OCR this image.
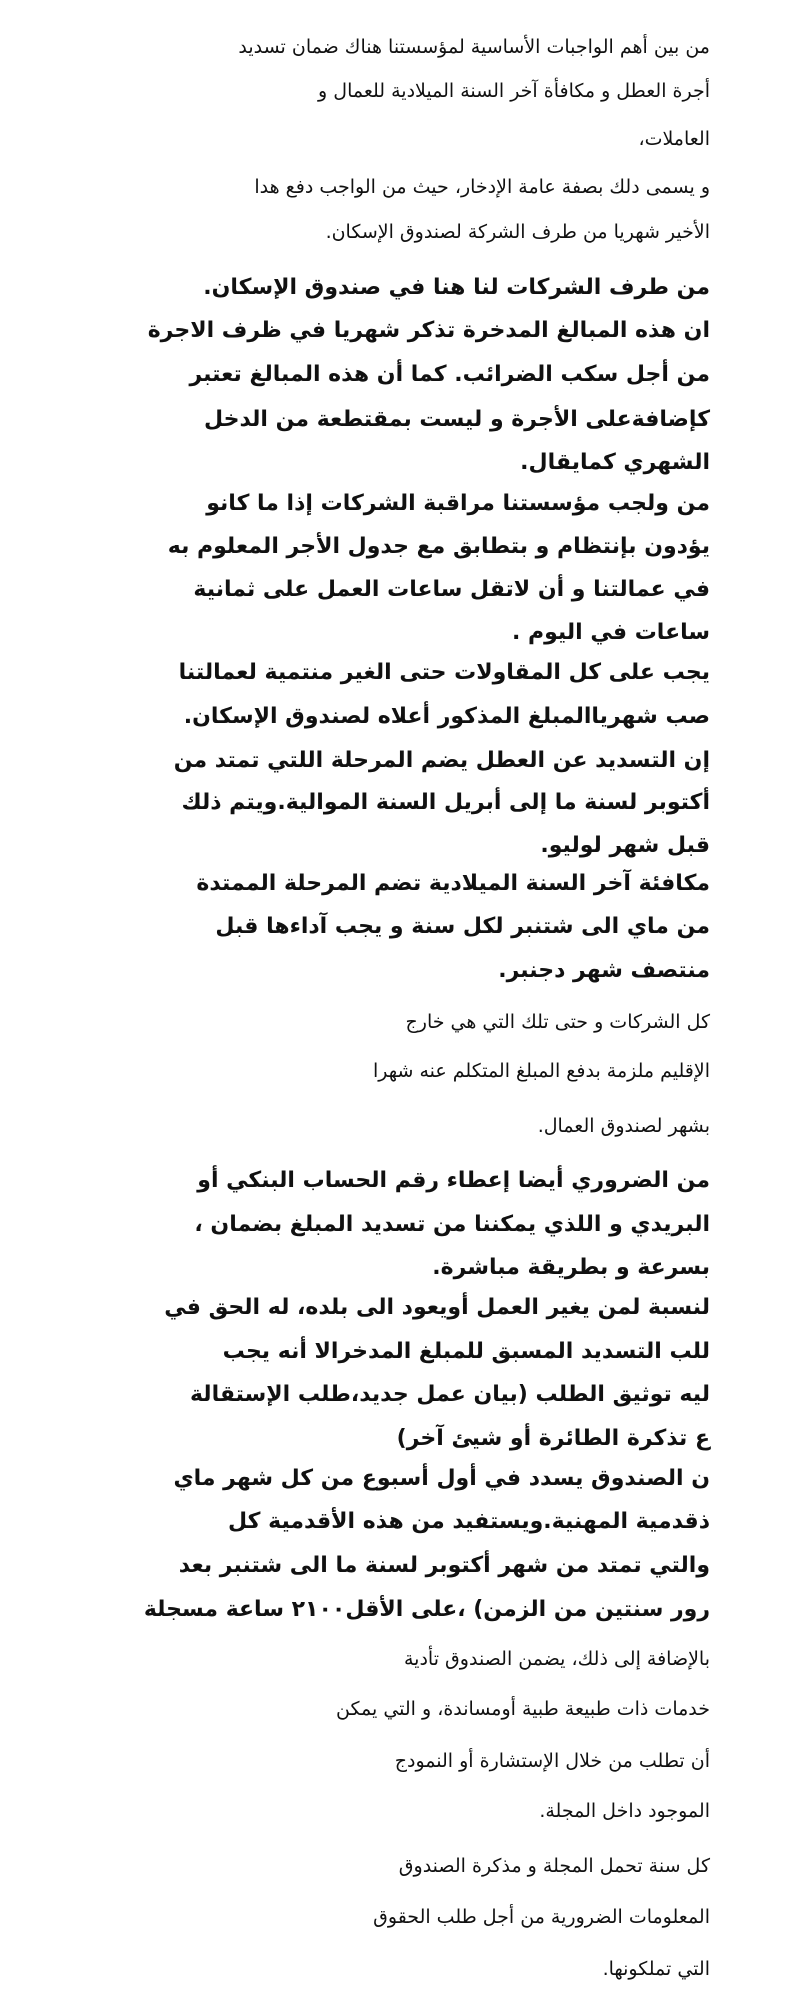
من بين أهم الواجبات الأساسية لمؤسستنا هناك ضمان تسديد
أجرة العطل و مكافأة آخر السنة الميلادية للعمال و
العاملات،
و يسمى دلك بصفة عامة الإدخار، حيث من الواجب دفع هدا
الأخير شهريا من طرف الشركة لصندوق الإسكان.
من طرف الشركات لنا هنا في صندوق الإسكان.
ان هذه المبالغ المدخرة تذكر شهريا في ظرف الاجرة
من أجل سكب الضرائب. كما أن هذه المبالغ تعتبر
كإضافةعلى الأجرة و ليست بمقتطعة من الدخل
الشهري كمايقال.
من ولجب مؤسستنا مراقبة الشركات إذا ما كانو
يؤدون بإنتظام و بتطابق مع جدول الأجر المعلوم به
في عمالتنا و أن لاتقل ساعات العمل على ثمانية
ساعات في اليوم .
يجب على كل المقاولات حتى الغير منتمية لعمالتنا
صب شهرياالمبلغ المذكور أعلاه لصندوق الإسكان.
إن التسديد عن العطل يضم المرحلة اللتي تمتد من
أكتوبر لسنة ما إلى أبريل السنة الموالية.ويتم ذلك
قبل شهر لوليو.
مكافئة آخر السنة الميلادية تضم المرحلة الممتدة
من ماي الى شتنبر لكل سنة و يجب آداءها قبل
منتصف شهر دجنبر.
كل الشركات و حتى تلك التي هي خارج
الإقليم ملزمة بدفع المبلغ المتكلم عنه شهرا
بشهر لصندوق العمال.
من الضروري أيضا إعطاء رقم الحساب البنكي أو
البريدي و اللذي يمكننا من تسديد المبلغ بضمان ،
بسرعة و بطريقة مباشرة.
لنسبة لمن يغير العمل أويعود الى بلده، له الحق في
للب التسديد المسبق للمبلغ المدخرالا أنه يجب
ليه توثيق الطلب (بيان عمل جديد،طلب الإستقالة
ع تذكرة الطائرة أو شيئ آخر)
ن الصندوق يسدد في أول أسبوع من كل شهر ماي
ذقدمية المهنية.ويستفيد من هذه الأقدمية كل
والتي تمتد من شهر أكتوبر لسنة ما الى شتنبر بعد
رور سنتين من الزمن) ،على الأقل٢١٠٠ ساعة مسجلة
بالإضافة إلى ذلك، يضمن الصندوق تأدية
خدمات ذات طبيعة طبية أومساندة، و التي يمكن
أن تطلب من خلال الإستشارة أو النمودج
الموجود داخل المجلة.
كل سنة تحمل المجلة و مذكرة الصندوق
المعلومات الضرورية من أجل طلب الحقوق
التي تملكونها.
